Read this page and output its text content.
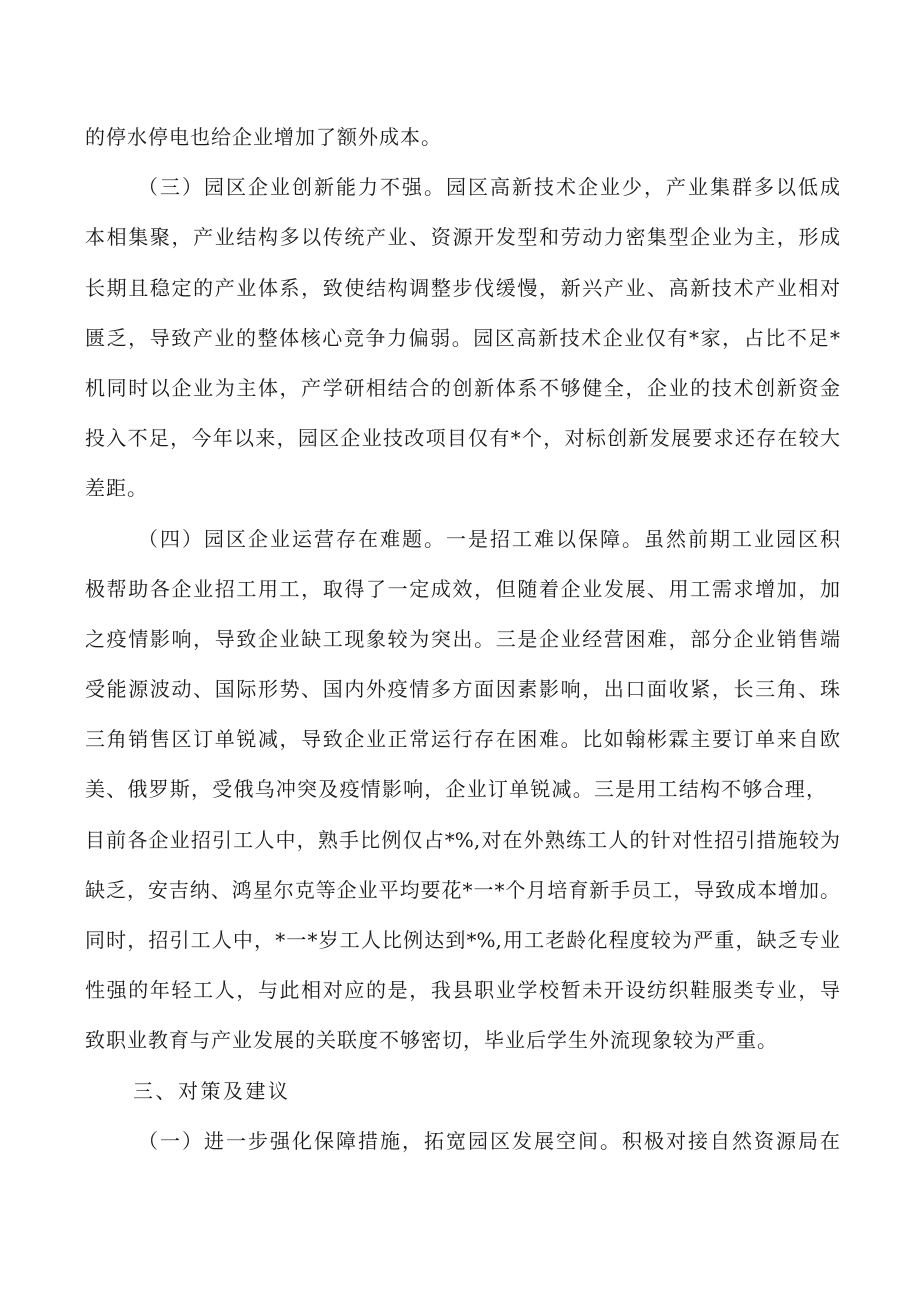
的停水停电也给企业增加了额外成本。
（三）园区企业创新能力不强。园区高新技术企业少，产业集群多以低成
本相集聚，产业结构多以传统产业、资源开发型和劳动力密集型企业为主，形成
长期且稳定的产业体系，致使结构调整步伐缓慢，新兴产业、高新技术产业相对
匮乏，导致产业的整体核心竞争力偏弱。园区高新技术企业仅有*家，占比不足*
机同时以企业为主体，产学研相结合的创新体系不够健全，企业的技术创新资金
投入不足，今年以来，园区企业技改项目仅有*个，对标创新发展要求还存在较大
差距。
（四）园区企业运营存在难题。一是招工难以保障。虽然前期工业园区积
极帮助各企业招工用工，取得了一定成效，但随着企业发展、用工需求增加，加
之疫情影响，导致企业缺工现象较为突出。三是企业经营困难，部分企业销售端
受能源波动、国际形势、国内外疫情多方面因素影响，出口面收紧，长三角、珠
三角销售区订单锐减，导致企业正常运行存在困难。比如翰彬霖主要订单来自欧
美、俄罗斯，受俄乌冲突及疫情影响，企业订单锐减。三是用工结构不够合理，
目前各企业招引工人中，熟手比例仅占*%,对在外熟练工人的针对性招引措施较为
缺乏，安吉纳、鸿星尔克等企业平均要花*一*个月培育新手员工，导致成本增加。
同时，招引工人中，*一*岁工人比例达到*%,用工老龄化程度较为严重，缺乏专业
性强的年轻工人，与此相对应的是，我县职业学校暂未开设纺织鞋服类专业，导
致职业教育与产业发展的关联度不够密切，毕业后学生外流现象较为严重。
三、对策及建议
（一）进一步强化保障措施，拓宽园区发展空间。积极对接自然资源局在
